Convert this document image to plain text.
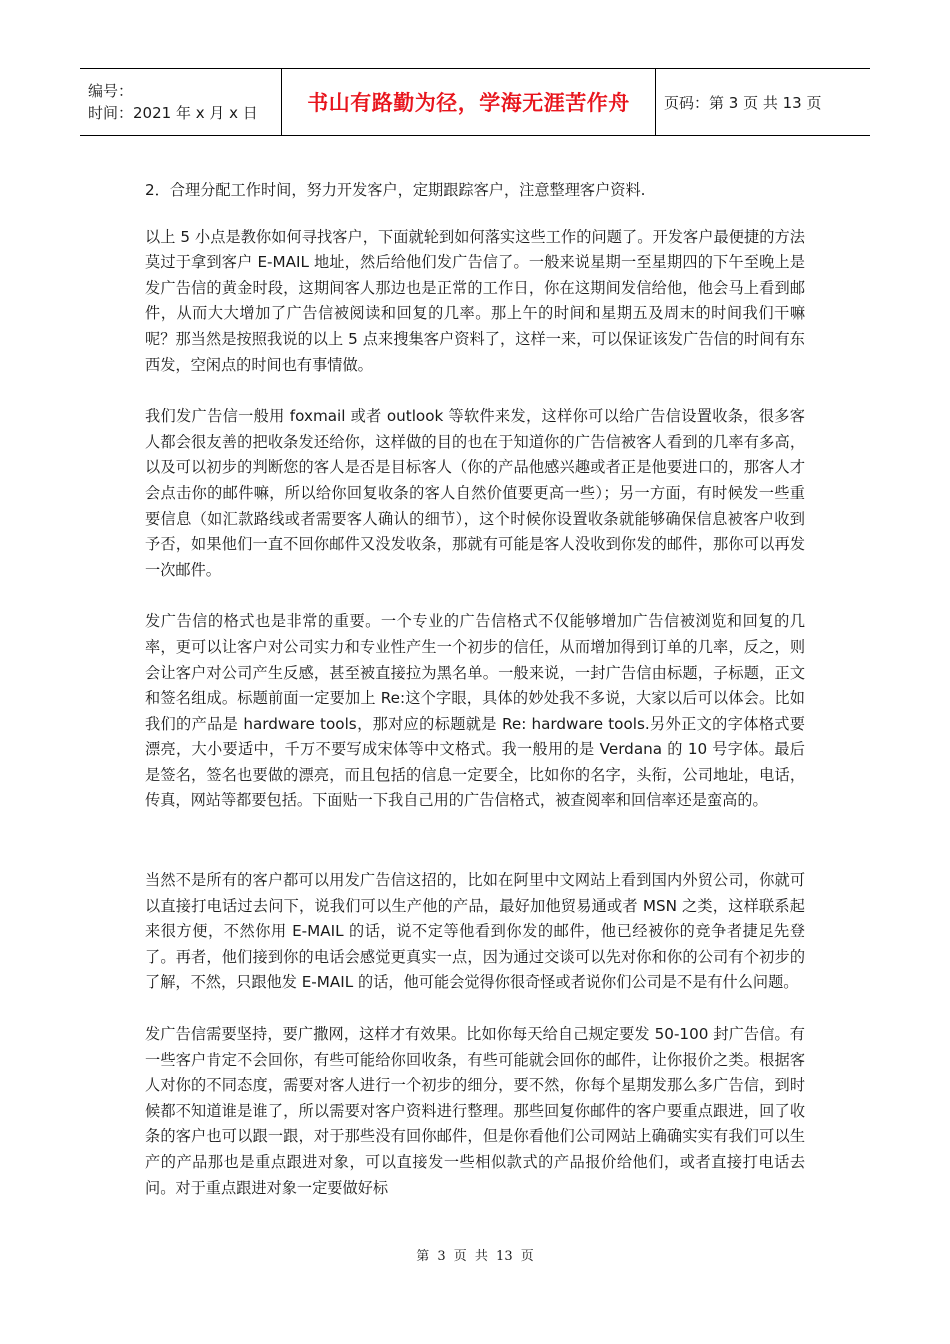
编号：
时间：2021 年 x 月 x 日	书山有路勤为径，学海无涯苦作舟 页码：第 3 页 共 13 页

2．合理分配工作时间，努力开发客户，定期跟踪客户，注意整理客户资料.

以上 5 小点是教你如何寻找客户，下面就轮到如何落实这些工作的问题了。开发客户最便捷的方法莫过于拿到客户 E-MAIL 地址，然后给他们发广告信了。一般来说星期一至星期四的下午至晚上是发广告信的黄金时段，这期间客人那边也是正常的工作日，你在这期间发信给他，他会马上看到邮件，从而大大增加了广告信被阅读和回复的几率。那上午的时间和星期五及周末的时间我们干嘛呢？那当然是按照我说的以上 5 点来搜集客户资料了，这样一来，可以保证该发广告信的时间有东西发，空闲点的时间也有事情做。

我们发广告信一般用 foxmail 或者 outlook 等软件来发，这样你可以给广告信设置收条，很多客人都会很友善的把收条发还给你，这样做的目的也在于知道你的广告信被客人看到的几率有多高，以及可以初步的判断您的客人是否是目标客人（你的产品他感兴趣或者正是他要进口的，那客人才会点击你的邮件嘛，所以给你回复收条的客人自然价值要更高一些）；另一方面，有时候发一些重要信息（如汇款路线或者需要客人确认的细节），这个时候你设置收条就能够确保信息被客户收到予否，如果他们一直不回你邮件又没发收条，那就有可能是客人没收到你发的邮件，那你可以再发一次邮件。

发广告信的格式也是非常的重要。一个专业的广告信格式不仅能够增加广告信被浏览和回复的几率，更可以让客户对公司实力和专业性产生一个初步的信任，从而增加得到订单的几率，反之，则会让客户对公司产生反感，甚至被直接拉为黑名单。一般来说，一封广告信由标题，子标题，正文和签名组成。标题前面一定要加上 Re:这个字眼，具体的妙处我不多说，大家以后可以体会。比如我们的产品是 hardware tools，那对应的标题就是 Re: hardware tools.另外正文的字体格式要漂亮，大小要适中，千万不要写成宋体等中文格式。我一般用的是 Verdana 的 10 号字体。最后是签名，签名也要做的漂亮，而且包括的信息一定要全，比如你的名字，头衔，公司地址，电话，传真，网站等都要包括。下面贴一下我自己用的广告信格式，被查阅率和回信率还是蛮高的。

当然不是所有的客户都可以用发广告信这招的，比如在阿里中文网站上看到国内外贸公司，你就可以直接打电话过去问下，说我们可以生产他的产品，最好加他贸易通或者 MSN 之类，这样联系起来很方便，不然你用 E-MAIL 的话，说不定等他看到你发的邮件，他已经被你的竞争者捷足先登了。再者，他们接到你的电话会感觉更真实一点，因为通过交谈可以先对你和你的公司有个初步的了解，不然，只跟他发 E-MAIL 的话，他可能会觉得你很奇怪或者说你们公司是不是有什么问题。

发广告信需要坚持，要广撒网，这样才有效果。比如你每天给自己规定要发 50-100 封广告信。有一些客户肯定不会回你，有些可能给你回收条，有些可能就会回你的邮件，让你报价之类。根据客人对你的不同态度，需要对客人进行一个初步的细分，要不然，你每个星期发那么多广告信，到时候都不知道谁是谁了，所以需要对客户资料进行整理。那些回复你邮件的客户要重点跟进，回了收条的客户也可以跟一跟，对于那些没有回你邮件，但是你看他们公司网站上确确实实有我们可以生产的产品那也是重点跟进对象，可以直接发一些相似款式的产品报价给他们，或者直接打电话去问。对于重点跟进对象一定要做好标

第 3 页 共 13 页
